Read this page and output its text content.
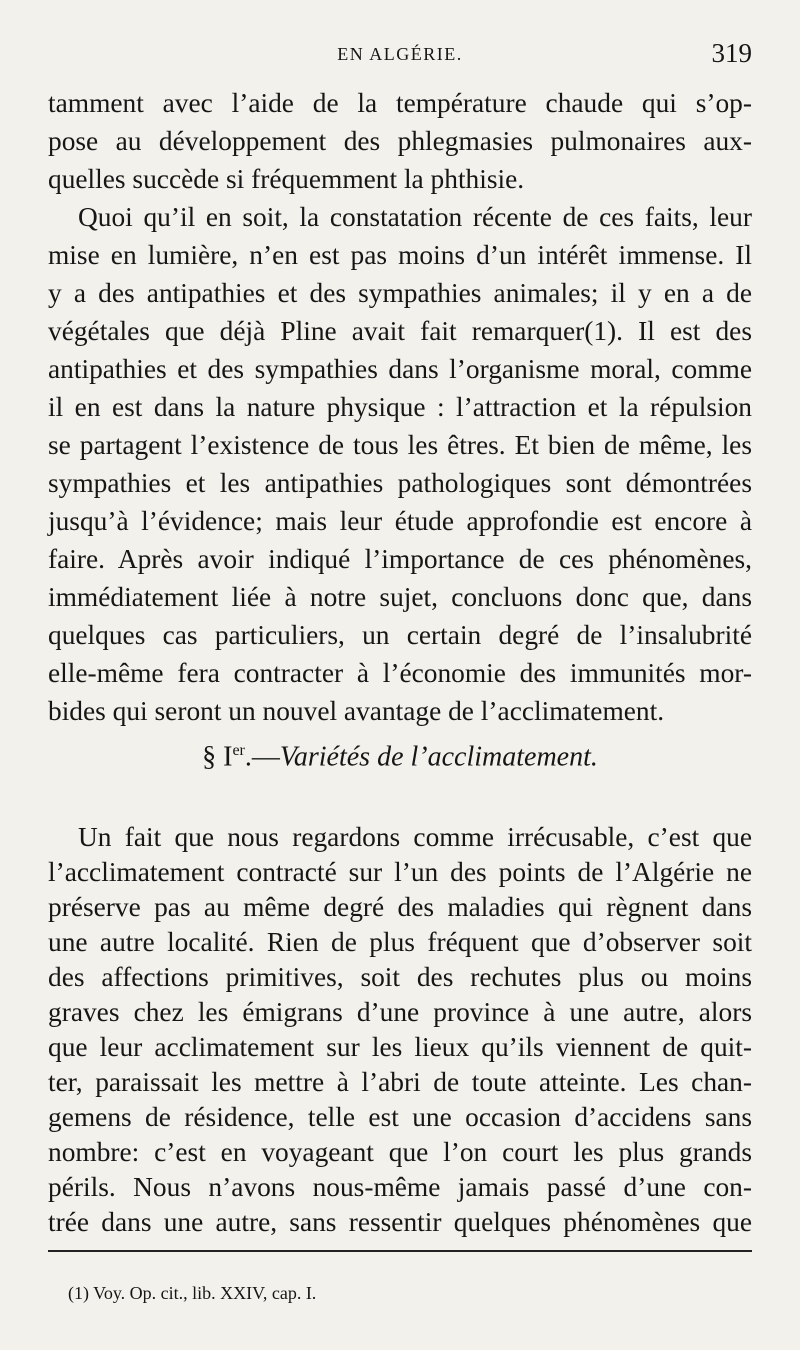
EN ALGÉRIE.	319
tamment avec l’aide de la température chaude qui s’op-
pose au développement des phlegmasies pulmonaires aux-
quelles succède si fréquemment la phthisie.
Quoi qu’il en soit, la constatation récente de ces faits, leur
mise en lumière, n’en est pas moins d’un intérêt immense. Il
y a des antipathies et des sympathies animales; il y en a de
végétales que déjà Pline avait fait remarquer(1). Il est des
antipathies et des sympathies dans l’organisme moral, comme
il en est dans la nature physique : l’attraction et la répulsion
se partagent l’existence de tous les êtres. Et bien de même, les
sympathies et les antipathies pathologiques sont démontrées
jusqu’à l’évidence; mais leur étude approfondie est encore à
faire. Après avoir indiqué l’importance de ces phénomènes,
immédiatement liée à notre sujet, concluons donc que, dans
quelques cas particuliers, un certain degré de l’insalubrité
elle-même fera contracter à l’économie des immunités mor-
bides qui seront un nouvel avantage de l’acclimatement.
§ Ier.—Variétés de l’acclimatement.
Un fait que nous regardons comme irrécusable, c’est que
l’acclimatement contracté sur l’un des points de l’Algérie ne
préserve pas au même degré des maladies qui règnent dans
une autre localité. Rien de plus fréquent que d’observer soit
des affections primitives, soit des rechutes plus ou moins
graves chez les émigrans d’une province à une autre, alors
que leur acclimatement sur les lieux qu’ils viennent de quit-
ter, paraissait les mettre à l’abri de toute atteinte. Les chan-
gemens de résidence, telle est une occasion d’accidens sans
nombre: c’est en voyageant que l’on court les plus grands
périls. Nous n’avons nous-même jamais passé d’une con-
(1) Voy. Op. cit., lib. XXIV, cap. I.
trée dans une autre, sans ressentir quelques phénomènes que
